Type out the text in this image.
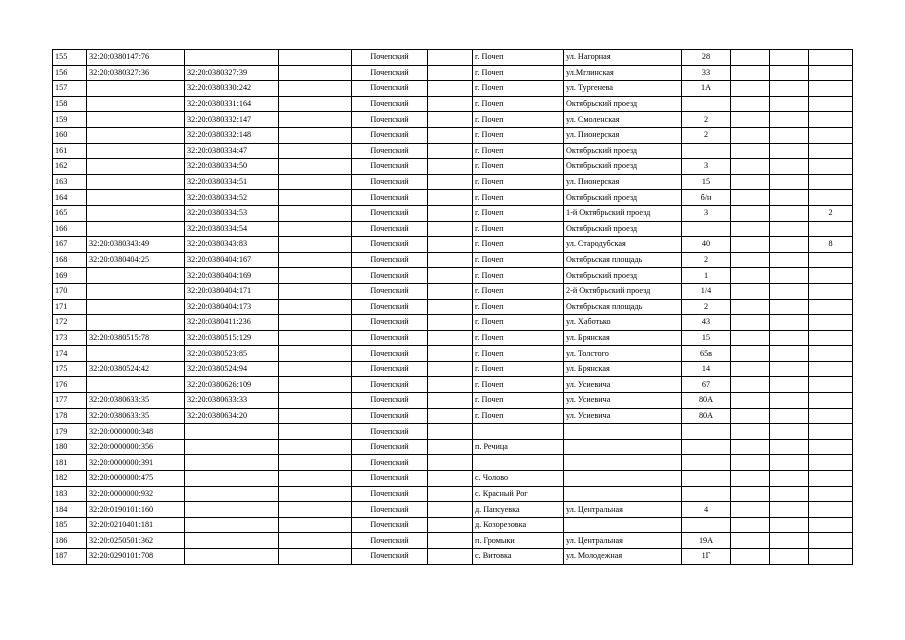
155	32:20:0380147:76			Почепский		г. Почеп	ул. Нагорная	28			
156	32:20:0380327:36	32:20:0380327:39		Почепский		г. Почеп	ул.Мглинская	33			
157		32:20:0380330:242		Почепский		г. Почеп	ул. Тургенева	1А			
158		32:20:0380331:164		Почепский		г. Почеп	Октябрьский проезд				
159		32:20:0380332:147		Почепский		г. Почеп	ул. Смоленская	2			
160		32:20:0380332:148		Почепский		г. Почеп	ул. Пионерская	2			
161		32:20:0380334:47		Почепский		г. Почеп	Октябрьский проезд				
162		32:20:0380334:50		Почепский		г. Почеп	Октябрьский проезд	3			
163		32:20:0380334:51		Почепский		г. Почеп	ул. Пионерская	15			
164		32:20:0380334:52		Почепский		г. Почеп	Октябрьский проезд	б/н			
165		32:20:0380334:53		Почепский		г. Почеп	1-й Октябрьский проезд	3			2
166		32:20:0380334:54		Почепский		г. Почеп	Октябрьский проезд				
167	32:20:0380343:49	32:20:0380343:83		Почепский		г. Почеп	ул. Стародубская	40			8
168	32:20:0380404:25	32:20:0380404:167		Почепский		г. Почеп	Октябрьская площадь	2			
169		32:20:0380404:169		Почепский		г. Почеп	Октябрьский проезд	1			
170		32:20:0380404:171		Почепский		г. Почеп	2-й Октябрьский проезд	1/4			
171		32:20:0380404:173		Почепский		г. Почеп	Октябрьская площадь	2			
172		32:20:0380411:236		Почепский		г. Почеп	ул. Хаботько	43			
173	32:20:0380515:78	32:20:0380515:129		Почепский		г. Почеп	ул. Брянская	15			
174		32:20:0380523:85		Почепский		г. Почеп	ул. Толстого	65в			
175	32:20:0380524:42	32:20:0380524:94		Почепский		г. Почеп	ул. Брянская	14			
176		32:20:0380626:109		Почепский		г. Почеп	ул. Усиевича	67			
177	32:20:0380633:35	32:20:0380633:33		Почепский		г. Почеп	ул. Усиевича	80А			
178	32:20:0380633:35	32:20:0380634:20		Почепский		г. Почеп	ул. Усиевича	80А			
179	32:20:0000000:348			Почепский							
180	32:20:0000000:356			Почепский		п. Речица					
181	32:20:0000000:391			Почепский							
182	32:20:0000000:475			Почепский		с. Чолово					
183	32:20:0000000:932			Почепский		с. Красный Рог					
184	32:20:0190101:160			Почепский		д. Папсуевка	ул. Центральная	4			
185	32:20:0210401:181			Почепский		д. Козорезовка					
186	32:20:0250501:362			Почепский		п. Громыки	ул. Центральная	19А			
187	32:20:0290101:708			Почепский		с. Витовка	ул. Молодежная	1Г			
